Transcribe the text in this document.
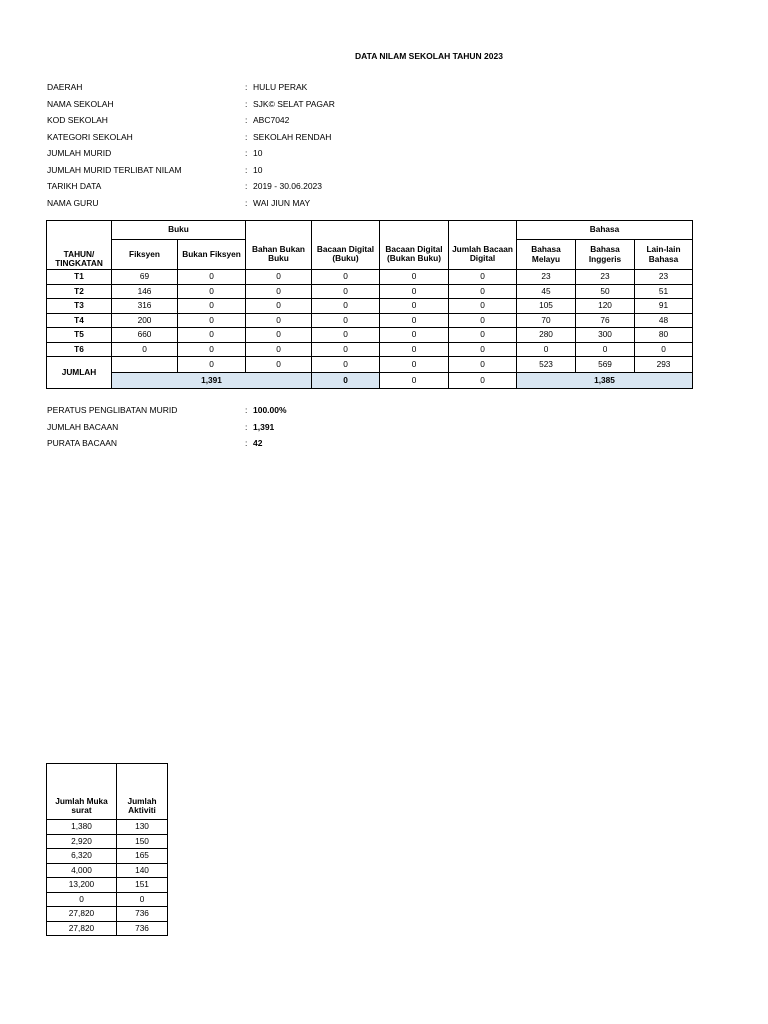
DATA NILAM SEKOLAH TAHUN 2023
DAERAH	: HULU PERAK
NAMA SEKOLAH	: SJK© SELAT PAGAR
KOD SEKOLAH	: ABC7042
KATEGORI SEKOLAH	: SEKOLAH RENDAH
JUMLAH MURID	: 10
JUMLAH MURID TERLIBAT NILAM	: 10
TARIKH DATA	: 2019 - 30.06.2023
NAMA GURU	: WAI JIUN MAY
	Buku						Bahasa		
TAHUN/ TINGKATAN	Fiksyen	Bukan Fiksyen	Bahan Bukan Buku	Bacaan Digital (Buku)	Bacaan Digital (Bukan Buku)	Jumlah Bacaan Digital	Bahasa Melayu	Bahasa Inggeris	Lain-lain Bahasa
T1	69	0	0	0	0	0	23	23	23
T2	146	0	0	0	0	0	45	50	51
T3	316	0	0	0	0	0	105	120	91
T4	200	0	0	0	0	0	70	76	48
T5	660	0	0	0	0	0	280	300	80
T6	0	0	0	0	0	0	0	0	0
JUMLAH		0	0	0	0	0	523	569	293
	1,391			0	0	0	1,385		
PERATUS PENGLIBATAN MURID	: 100.00%
JUMLAH BACAAN	: 1,391
PURATA BACAAN	: 42
Jumlah Muka surat	Jumlah Aktiviti
1,380	130
2,920	150
6,320	165
4,000	140
13,200	151
0	0
27,820	736
27,820	736
